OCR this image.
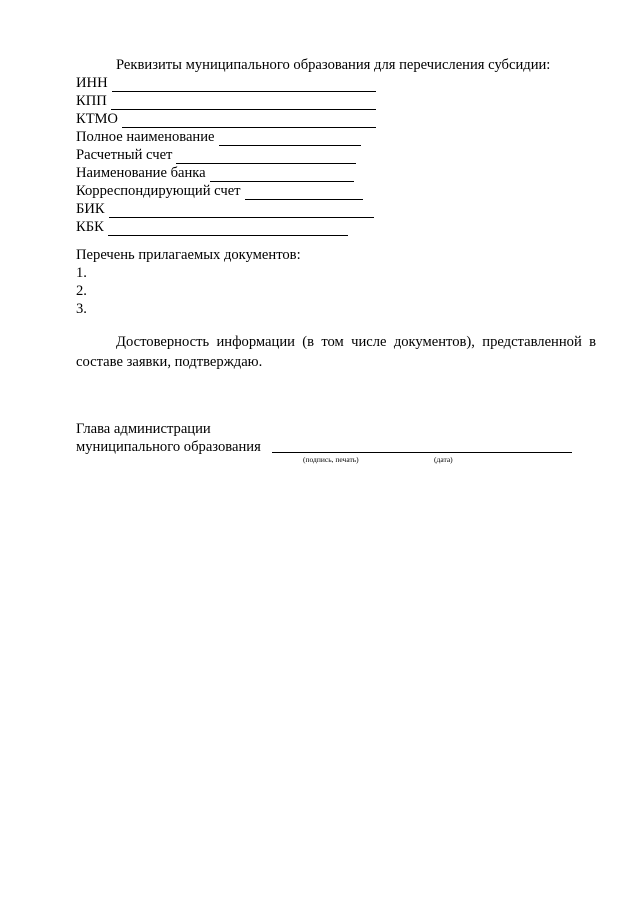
Реквизиты муниципального образования для перечисления субсидии:
ИНН
КПП
КТМО
Полное наименование
Расчетный счет
Наименование банка
Корреспондирующий счет
БИК
КБК
Перечень прилагаемых документов:
1.
2.
3.
Достоверность информации (в том числе документов), представленной в составе заявки, подтверждаю.
Глава администрации
муниципального образования
(подпись, печать)	(дата)
